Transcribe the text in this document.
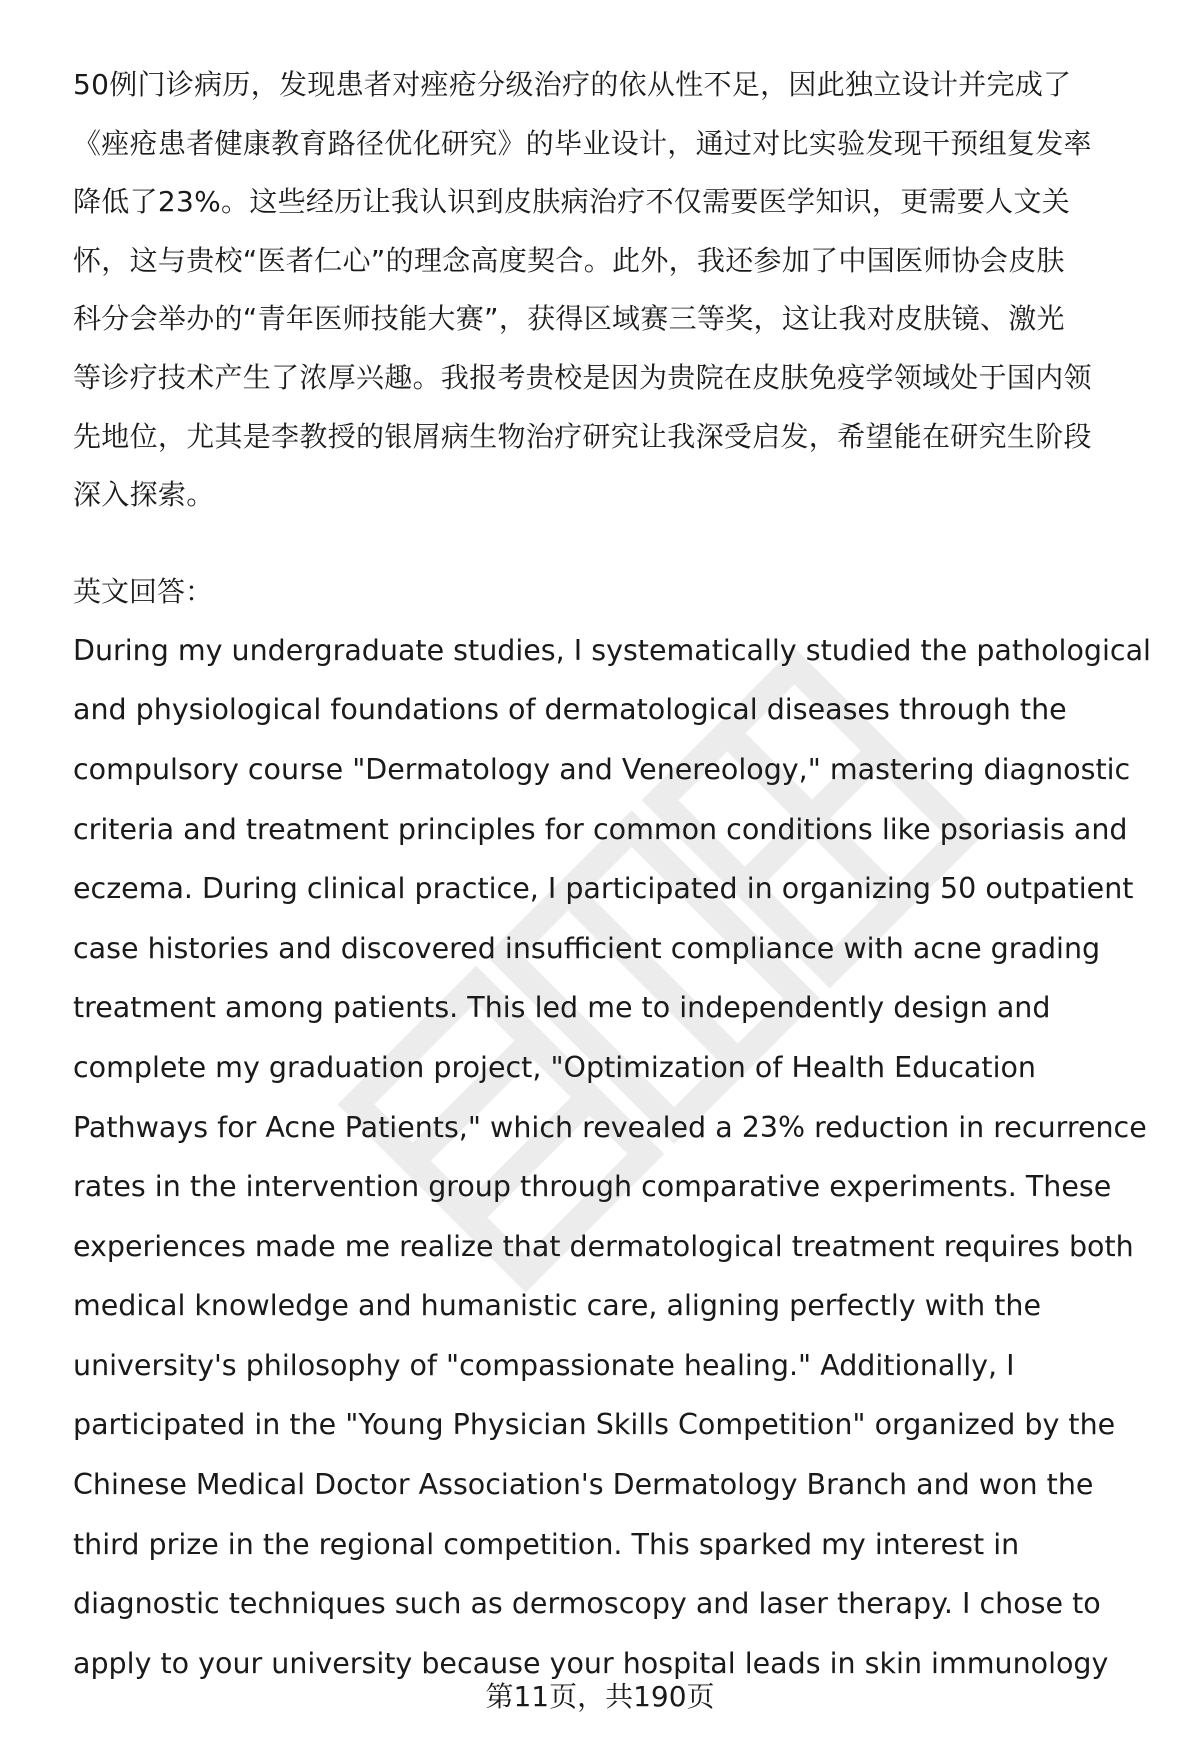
50例门诊病历，发现患者对痤疮分级治疗的依从性不足，因此独立设计并完成了
《痤疮患者健康教育路径优化研究》的毕业设计，通过对比实验发现干预组复发率
降低了23%。这些经历让我认识到皮肤病治疗不仅需要医学知识，更需要人文关
怀，这与贵校“医者仁心”的理念高度契合。此外，我还参加了中国医师协会皮肤
科分会举办的“青年医师技能大赛”，获得区域赛三等奖，这让我对皮肤镜、激光
等诊疗技术产生了浓厚兴趣。我报考贵校是因为贵院在皮肤免疫学领域处于国内领
先地位，尤其是李教授的银屑病生物治疗研究让我深受启发，希望能在研究生阶段
深入探索。
英文回答：
During my undergraduate studies, I systematically studied the pathological
and physiological foundations of dermatological diseases through the
compulsory course "Dermatology and Venereology," mastering diagnostic
criteria and treatment principles for common conditions like psoriasis and
eczema. During clinical practice, I participated in organizing 50 outpatient
case histories and discovered insufficient compliance with acne grading
treatment among patients. This led me to independently design and
complete my graduation project, "Optimization of Health Education
Pathways for Acne Patients," which revealed a 23% reduction in recurrence
rates in the intervention group through comparative experiments. These
experiences made me realize that dermatological treatment requires both
medical knowledge and humanistic care, aligning perfectly with the
university's philosophy of "compassionate healing." Additionally, I
participated in the "Young Physician Skills Competition" organized by the
Chinese Medical Doctor Association's Dermatology Branch and won the
third prize in the regional competition. This sparked my interest in
diagnostic techniques such as dermoscopy and laser therapy. I chose to
apply to your university because your hospital leads in skin immunology
第11页，共190页
